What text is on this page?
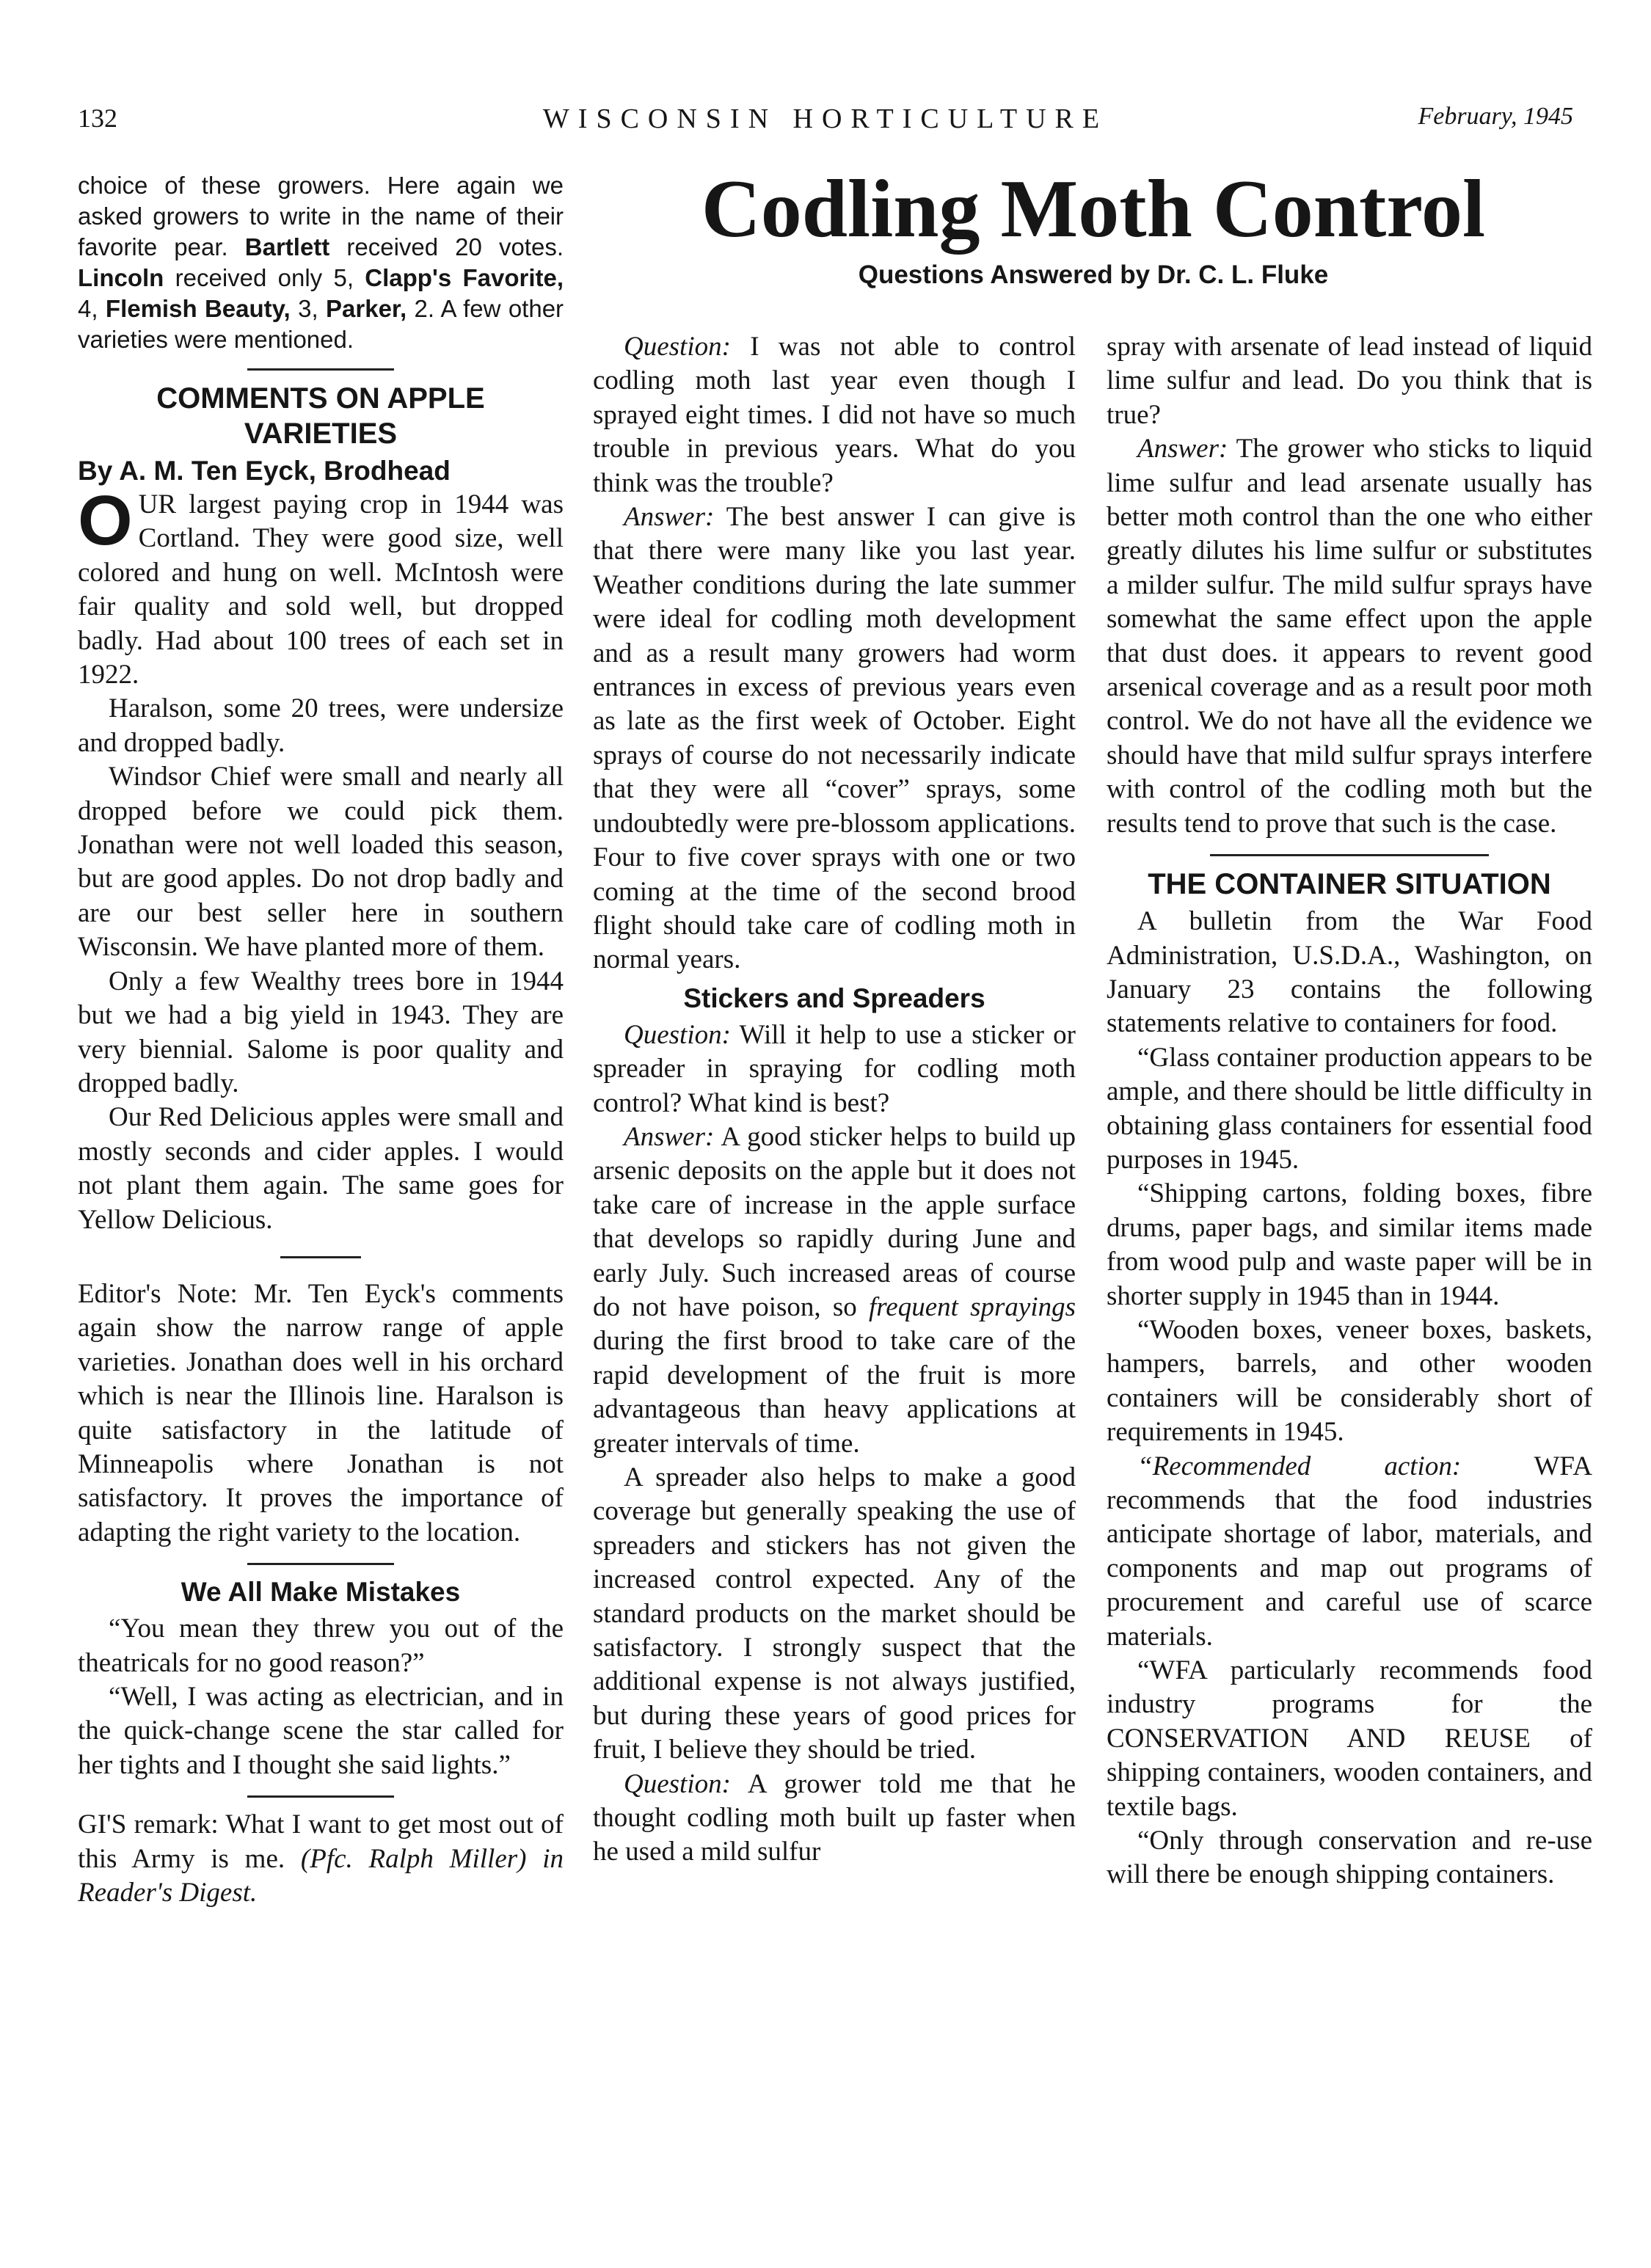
132	WISCONSIN HORTICULTURE	February, 1945
Codling Moth Control
Questions Answered by Dr. C. L. Fluke

choice of these growers. Here again we asked growers to write in the name of their favorite pear. Bartlett received 20 votes. Lincoln received only 5, Clapp's Favorite, 4, Flemish Beauty, 3, Parker, 2. A few other varieties were mentioned.

COMMENTS ON APPLE VARIETIES

By A. M. Ten Eyck, Brodhead

OUR largest paying crop in 1944 was Cortland. They were good size, well colored and hung on well. McIntosh were fair quality and sold well, but dropped badly. Had about 100 trees of each set in 1922.

Haralson, some 20 trees, were undersize and dropped badly.

Windsor Chief were small and nearly all dropped before we could pick them. Jonathan were not well loaded this season, but are good apples. Do not drop badly and are our best seller here in southern Wisconsin. We have planted more of them.

Only a few Wealthy trees bore in 1944 but we had a big yield in 1943. They are very biennial. Salome is poor quality and dropped badly.

Our Red Delicious apples were small and mostly seconds and cider apples. I would not plant them again. The same goes for Yellow Delicious.

Editor's Note: Mr. Ten Eyck's comments again show the narrow range of apple varieties. Jonathan does well in his orchard which is near the Illinois line. Haralson is quite satisfactory in the latitude of Minneapolis where Jonathan is not satisfactory. It proves the importance of adapting the right variety to the location.

We All Make Mistakes

“You mean they threw you out of the theatricals for no good reason?”

“Well, I was acting as electrician, and in the quick-change scene the star called for her tights and I thought she said lights.”

GI'S remark: What I want to get most out of this Army is me. (Pfc. Ralph Miller) in Reader's Digest.

Question: I was not able to control codling moth last year even though I sprayed eight times. I did not have so much trouble in previous years. What do you think was the trouble?

Answer: The best answer I can give is that there were many like you last year. Weather conditions during the late summer were ideal for codling moth development and as a result many growers had worm entrances in excess of previous years even as late as the first week of October. Eight sprays of course do not necessarily indicate that they were all “cover” sprays, some undoubtedly were pre-blossom applications. Four to five cover sprays with one or two coming at the time of the second brood flight should take care of codling moth in normal years.

Stickers and Spreaders

Question: Will it help to use a sticker or spreader in spraying for codling moth control? What kind is best?

Answer: A good sticker helps to build up arsenic deposits on the apple but it does not take care of increase in the apple surface that develops so rapidly during June and early July. Such increased areas of course do not have poison, so frequent sprayings during the first brood to take care of the rapid development of the fruit is more advantageous than heavy applications at greater intervals of time.

A spreader also helps to make a good coverage but generally speaking the use of spreaders and stickers has not given the increased control expected. Any of the standard products on the market should be satisfactory. I strongly suspect that the additional expense is not always justified, but during these years of good prices for fruit, I believe they should be tried.

Question: A grower told me that he thought codling moth built up faster when he used a mild sulfur

spray with arsenate of lead instead of liquid lime sulfur and lead. Do you think that is true?

Answer: The grower who sticks to liquid lime sulfur and lead arsenate usually has better moth control than the one who either greatly dilutes his lime sulfur or substitutes a milder sulfur. The mild sulfur sprays have somewhat the same effect upon the apple that dust does. it appears to revent good arsenical coverage and as a result poor moth control. We do not have all the evidence we should have that mild sulfur sprays interfere with control of the codling moth but the results tend to prove that such is the case.

THE CONTAINER SITUATION

A bulletin from the War Food Administration, U.S.D.A., Washington, on January 23 contains the following statements relative to containers for food.

“Glass container production appears to be ample, and there should be little difficulty in obtaining glass containers for essential food purposes in 1945.

“Shipping cartons, folding boxes, fibre drums, paper bags, and similar items made from wood pulp and waste paper will be in shorter supply in 1945 than in 1944.

“Wooden boxes, veneer boxes, baskets, hampers, barrels, and other wooden containers will be considerably short of requirements in 1945.

“Recommended action:	WFA recommends that the food industries anticipate shortage of labor, materials, and components and map out programs of procurement and careful use of scarce materials.

“WFA particularly recommends food industry programs for the CONSERVATION AND REUSE of shipping containers, wooden containers, and textile bags.

“Only through conservation and re-use will there be enough shipping containers.
